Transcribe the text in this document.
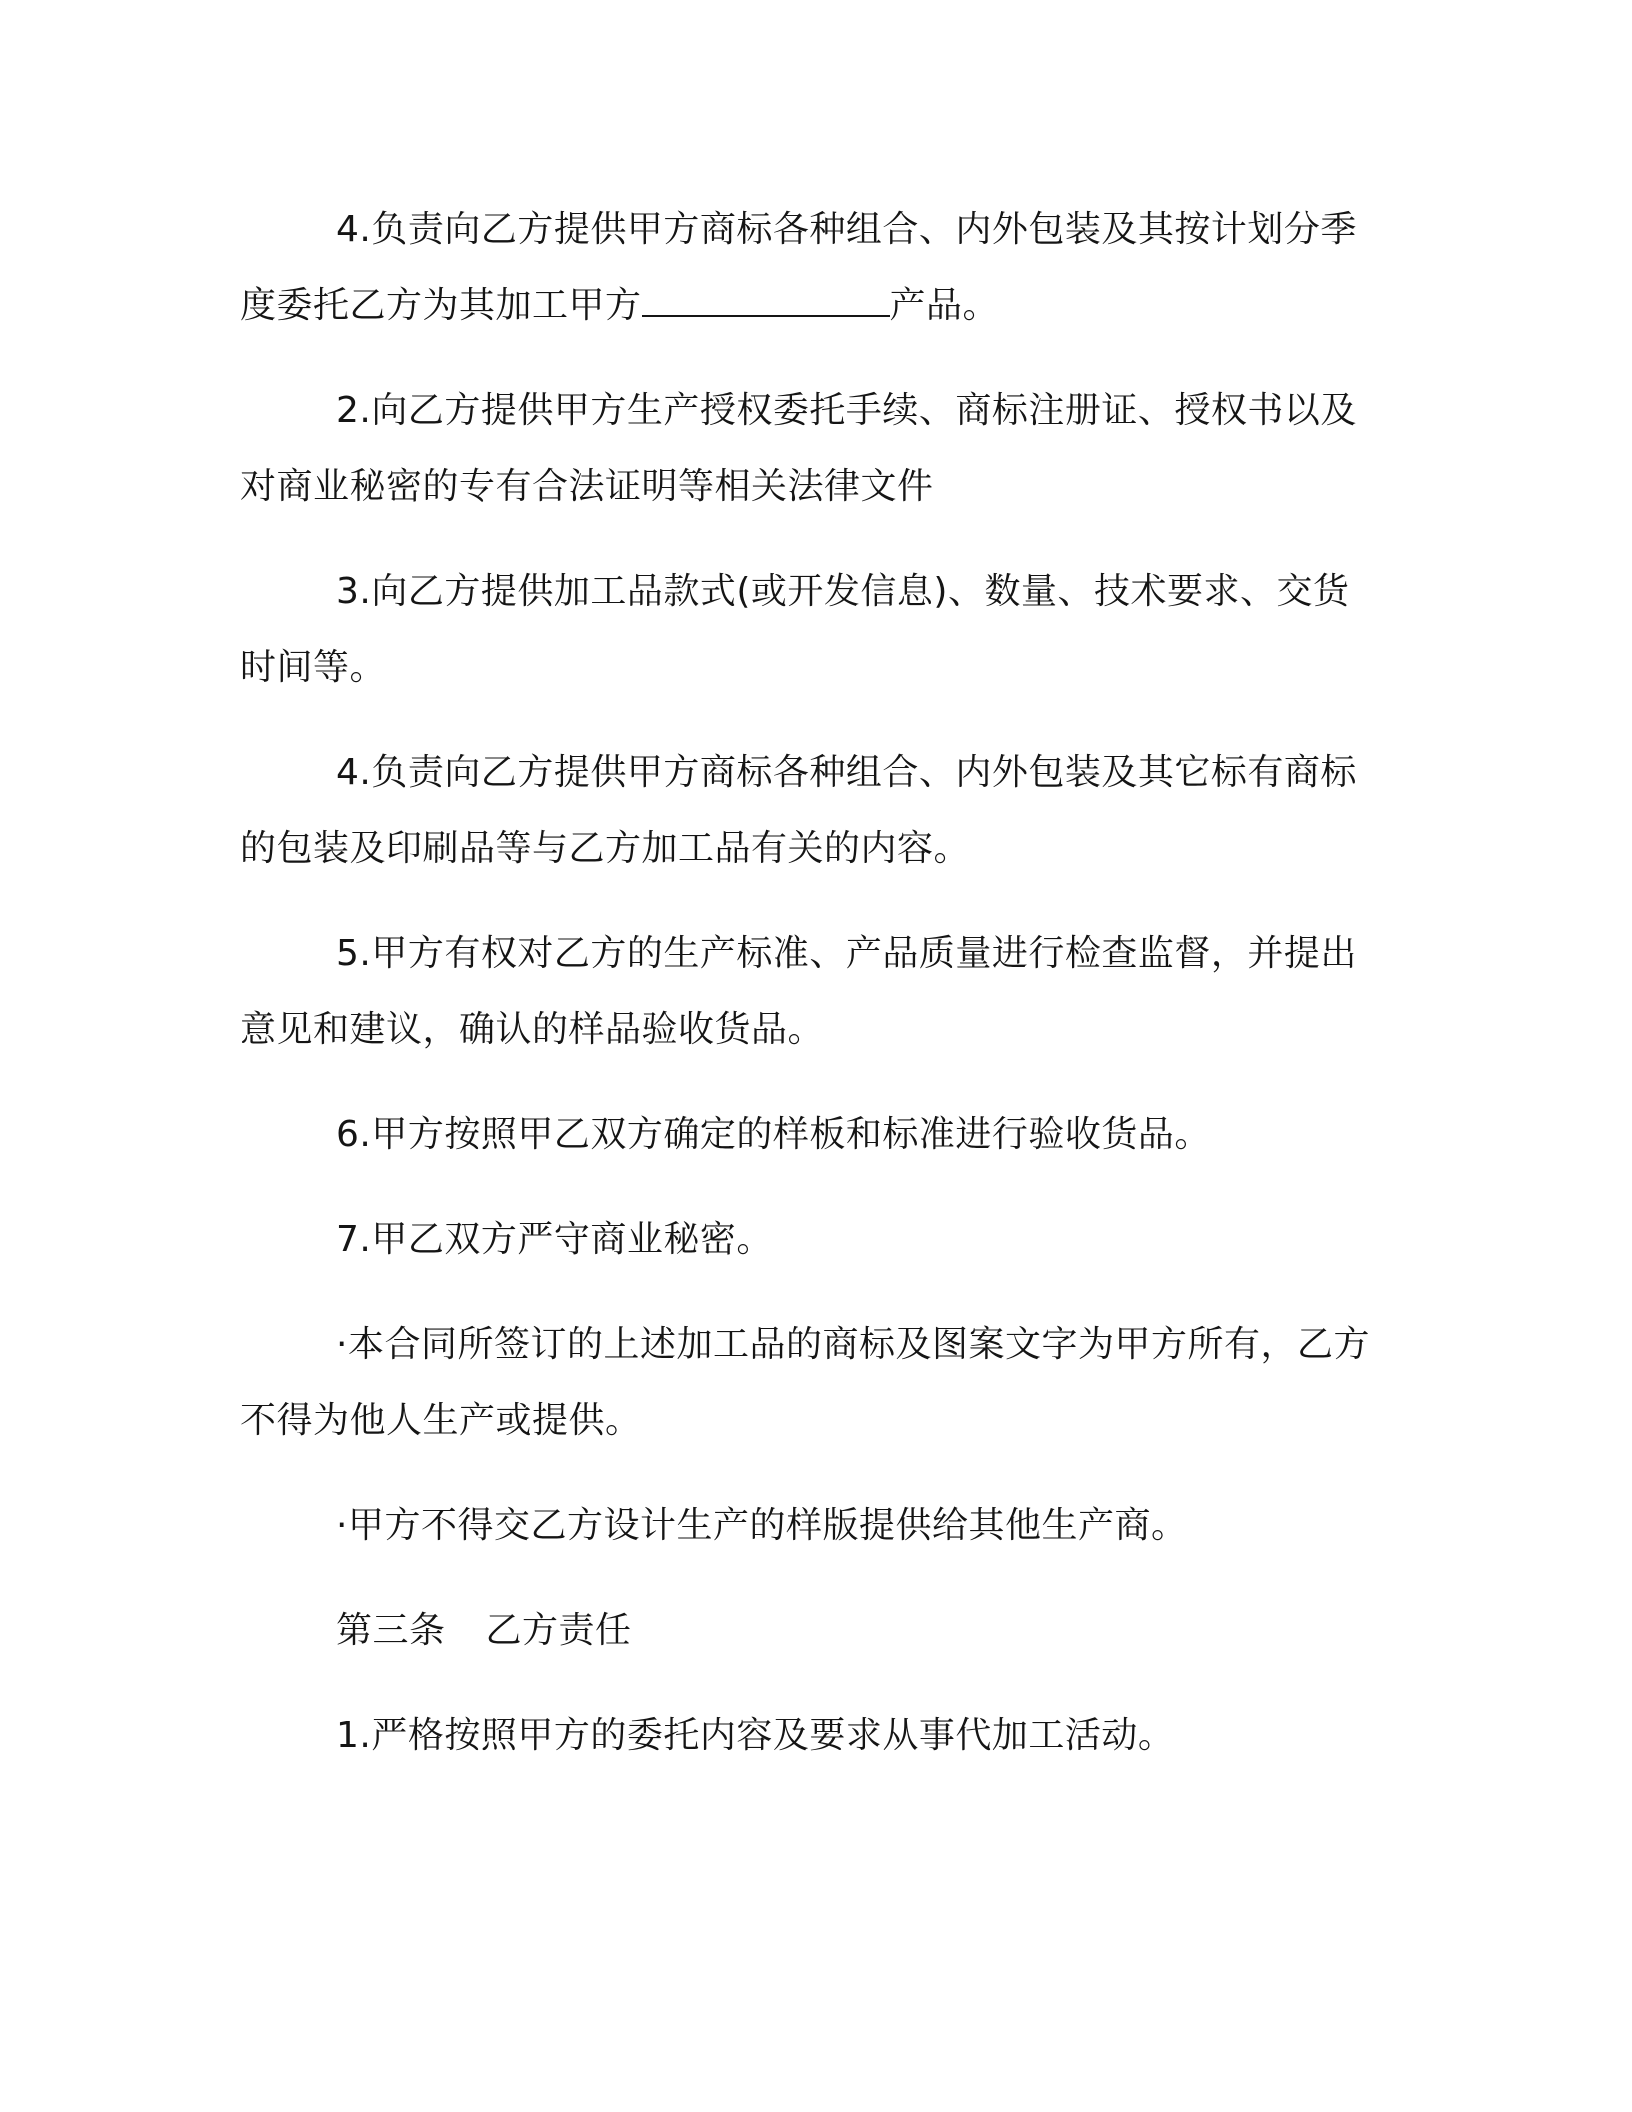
4.负责向乙方提供甲方商标各种组合、内外包装及其按计划分季度委托乙方为其加工甲方	产品。

2.向乙方提供甲方生产授权委托手续、商标注册证、授权书以及对商业秘密的专有合法证明等相关法律文件

3.向乙方提供加工品款式(或开发信息)、数量、技术要求、交货时间等。

4.负责向乙方提供甲方商标各种组合、内外包装及其它标有商标的包装及印刷品等与乙方加工品有关的内容。

5.甲方有权对乙方的生产标准、产品质量进行检查监督，并提出意见和建议，确认的样品验收货品。

6.甲方按照甲乙双方确定的样板和标准进行验收货品。

7.甲乙双方严守商业秘密。

·本合同所签订的上述加工品的商标及图案文字为甲方所有，乙方不得为他人生产或提供。

·甲方不得交乙方设计生产的样版提供给其他生产商。

第三条 乙方责任

1.严格按照甲方的委托内容及要求从事代加工活动。
